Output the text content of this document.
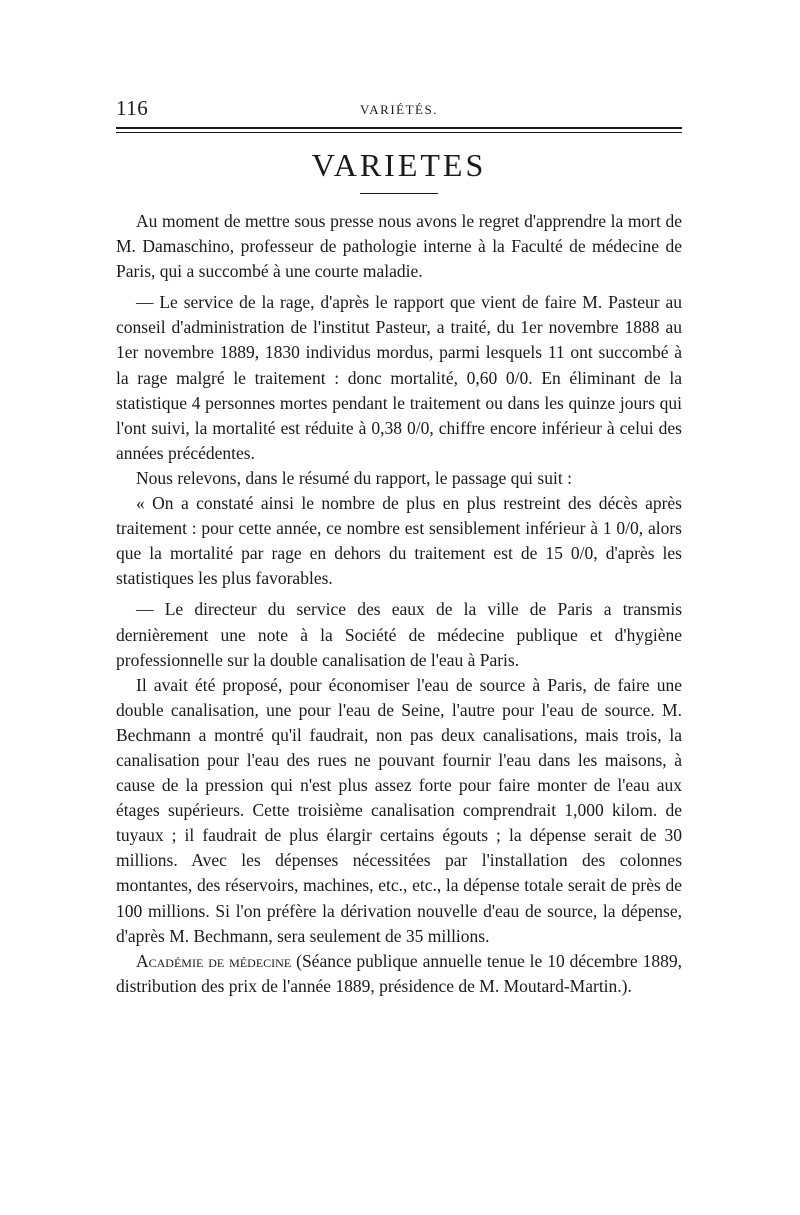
116	VARIÉTÉS.
VARIETES

Au moment de mettre sous presse nous avons le regret d'apprendre la mort de M. Damaschino, professeur de pathologie interne à la Faculté de médecine de Paris, qui a succombé à une courte maladie.

— Le service de la rage, d'après le rapport que vient de faire M. Pasteur au conseil d'administration de l'institut Pasteur, a traité, du 1er novembre 1888 au 1er novembre 1889, 1830 individus mordus, parmi lesquels 11 ont succombé à la rage malgré le traitement : donc mortalité, 0,60 0/0. En éliminant de la statistique 4 personnes mortes pendant le traitement ou dans les quinze jours qui l'ont suivi, la mortalité est réduite à 0,38 0/0, chiffre encore inférieur à celui des années précédentes.

Nous relevons, dans le résumé du rapport, le passage qui suit :

« On a constaté ainsi le nombre de plus en plus restreint des décès après traitement : pour cette année, ce nombre est sensiblement inférieur à 1 0/0, alors que la mortalité par rage en dehors du traitement est de 15 0/0, d'après les statistiques les plus favorables.

— Le directeur du service des eaux de la ville de Paris a transmis dernièrement une note à la Société de médecine publique et d'hygiène professionnelle sur la double canalisation de l'eau à Paris.

Il avait été proposé, pour économiser l'eau de source à Paris, de faire une double canalisation, une pour l'eau de Seine, l'autre pour l'eau de source. M. Bechmann a montré qu'il faudrait, non pas deux canalisations, mais trois, la canalisation pour l'eau des rues ne pouvant fournir l'eau dans les maisons, à cause de la pression qui n'est plus assez forte pour faire monter de l'eau aux étages supérieurs. Cette troisième canalisation comprendrait 1,000 kilom. de tuyaux ; il faudrait de plus élargir certains égouts ; la dépense serait de 30 millions. Avec les dépenses nécessitées par l'installation des colonnes montantes, des réservoirs, machines, etc., etc., la dépense totale serait de près de 100 millions. Si l'on préfère la dérivation nouvelle d'eau de source, la dépense, d'après M. Bechmann, sera seulement de 35 millions.

Académie de médecine (Séance publique annuelle tenue le 10 décembre 1889, distribution des prix de l'année 1889, présidence de M. Moutard-Martin.).
